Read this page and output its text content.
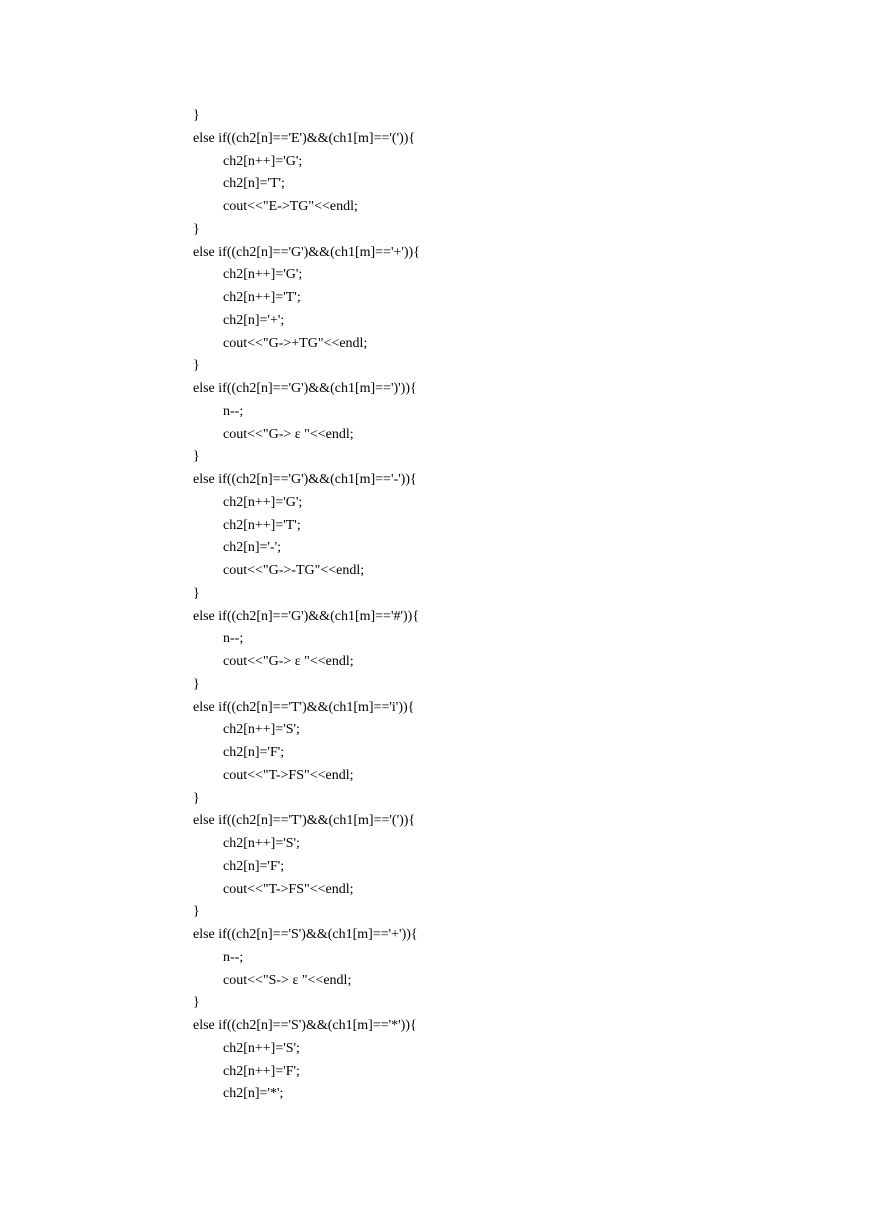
}
else if((ch2[n]=='E')&&(ch1[m]=='(')){
ch2[n++]='G';
ch2[n]='T';
cout<<"E->TG"<<endl;
}
else if((ch2[n]=='G')&&(ch1[m]=='+')){
ch2[n++]='G';
ch2[n++]='T';
ch2[n]='+';
cout<<"G->+TG"<<endl;
}
else if((ch2[n]=='G')&&(ch1[m]==')')){
n--;
cout<<"G-> ε "<<endl;
}
else if((ch2[n]=='G')&&(ch1[m]=='-')){
ch2[n++]='G';
ch2[n++]='T';
ch2[n]='-';
cout<<"G->-TG"<<endl;
}
else if((ch2[n]=='G')&&(ch1[m]=='#')){
n--;
cout<<"G-> ε "<<endl;
}
else if((ch2[n]=='T')&&(ch1[m]=='i')){
ch2[n++]='S';
ch2[n]='F';
cout<<"T->FS"<<endl;
}
else if((ch2[n]=='T')&&(ch1[m]=='(')){
ch2[n++]='S';
ch2[n]='F';
cout<<"T->FS"<<endl;
}
else if((ch2[n]=='S')&&(ch1[m]=='+')){
n--;
cout<<"S-> ε "<<endl;
}
else if((ch2[n]=='S')&&(ch1[m]=='*')){
ch2[n++]='S';
ch2[n++]='F';
ch2[n]='*';
